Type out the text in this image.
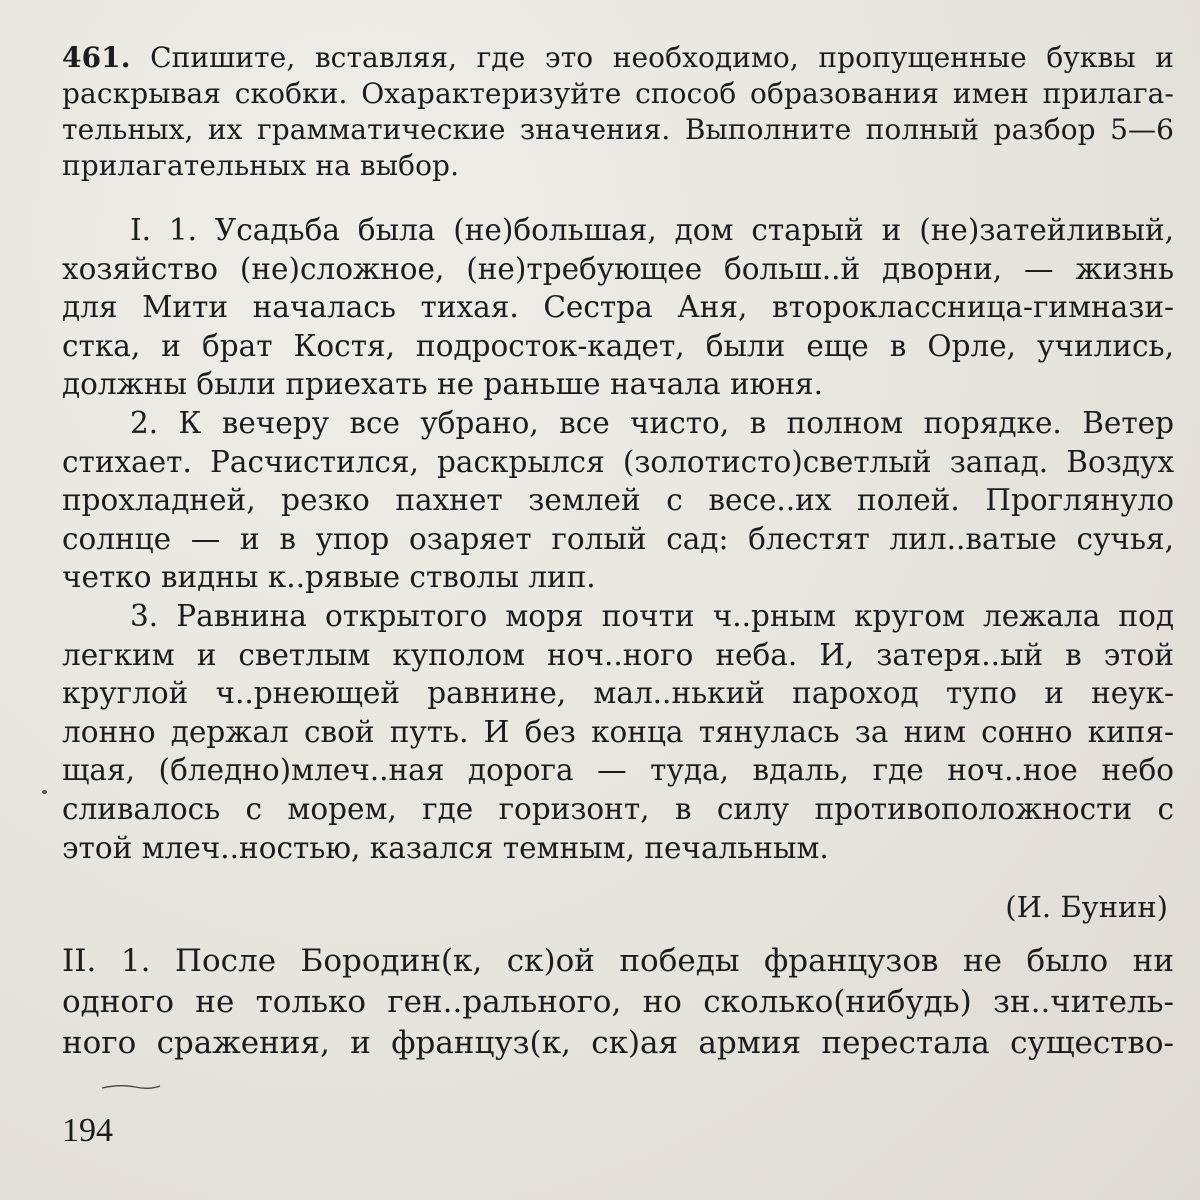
461. Спишите, вставляя, где это необходимо, пропущенные буквы и
раскрывая скобки. Охарактеризуйте способ образования имен прилага-
тельных, их грамматические значения. Выполните полный разбор 5—6
прилагательных на выбор.

I. 1. Усадьба была (не)большая, дом старый и (не)затейливый,
хозяйство (не)сложное, (не)требующее больш..й дворни, — жизнь
для Мити началась тихая. Сестра Аня, второклассница-гимнази-
стка, и брат Костя, подросток-кадет, были еще в Орле, учились,
должны были приехать не раньше начала июня.

2. К вечеру все убрано, все чисто, в полном порядке. Ветер
стихает. Расчистился, раскрылся (золотисто)светлый запад. Воздух
прохладней, резко пахнет землей с весе..их полей. Проглянуло
солнце — и в упор озаряет голый сад: блестят лил..ватые сучья,
четко видны к..рявые стволы лип.

3. Равнина открытого моря почти ч..рным кругом лежала под
легким и светлым куполом ноч..ного неба. И, затеря..ый в этой
круглой ч..рнеющей равнине, мал..нький пароход тупо и неук-
лонно держал свой путь. И без конца тянулась за ним сонно кипя-
щая, (бледно)млеч..ная дорога — туда, вдаль, где ноч..ное небо
сливалось с морем, где горизонт, в силу противоположности с
этой млеч..ностью, казался темным, печальным.

(И. Бунин)

II. 1. После Бородин(к, ск)ой победы французов не было ни
одного не только ген..рального, но сколько(нибудь) зн..читель-
ного сражения, и француз(к, ск)ая армия перестала существо-

194
